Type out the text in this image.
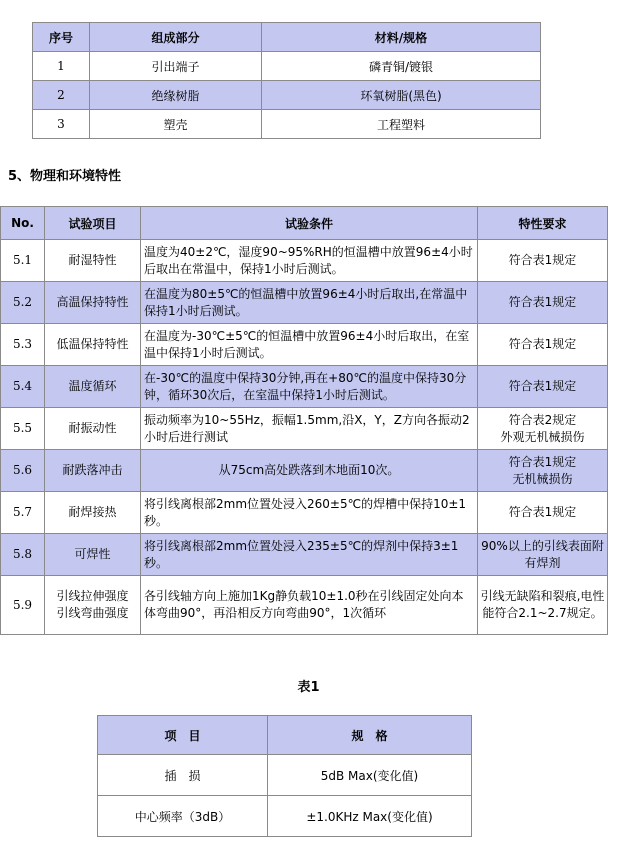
序号	组成部分	材料/规格
1	引出端子	磷青铜/镀银
2	绝缘树脂	环氧树脂(黑色)
3	塑壳	工程塑料

5、物理和环境特性

No.	试验项目	试验条件	特性要求
5.1	耐湿特性	温度为40±2℃，湿度90~95%RH的恒温槽中放置96±4小时后取出在常温中，保持1小时后测试。	符合表1规定
5.2	高温保持特性	在温度为80±5℃的恒温槽中放置96±4小时后取出,在常温中保持1小时后测试。	符合表1规定
5.3	低温保持特性	在温度为-30℃±5℃的恒温槽中放置96±4小时后取出，在室温中保持1小时后测试。	符合表1规定
5.4	温度循环	在-30℃的温度中保持30分钟,再在+80℃的温度中保持30分钟，循环30次后，在室温中保持1小时后测试。	符合表1规定
5.5	耐振动性	振动频率为10~55Hz，振幅1.5mm,沿X，Y，Z方向各振动2小时后进行测试	符合表2规定
外观无机械损伤
5.6	耐跌落冲击	从75cm高处跌落到木地面10次。	符合表1规定
无机械损伤
5.7	耐焊接热	将引线离根部2mm位置处浸入260±5℃的焊槽中保持10±1秒。	符合表1规定
5.8	可焊性	将引线离根部2mm位置处浸入235±5℃的焊剂中保持3±1秒。	90%以上的引线表面附有焊剂
5.9	引线拉伸强度
引线弯曲强度	各引线轴方向上施加1Kg静负载10±1.0秒在引线固定处向本体弯曲90°，再沿相反方向弯曲90°，1次循环	引线无缺陷和裂痕,电性能符合2.1~2.7规定。

表1

项　目	规　格
插　损	5dB Max(变化值)
中心频率（3dB）	±1.0KHz Max(变化值)
